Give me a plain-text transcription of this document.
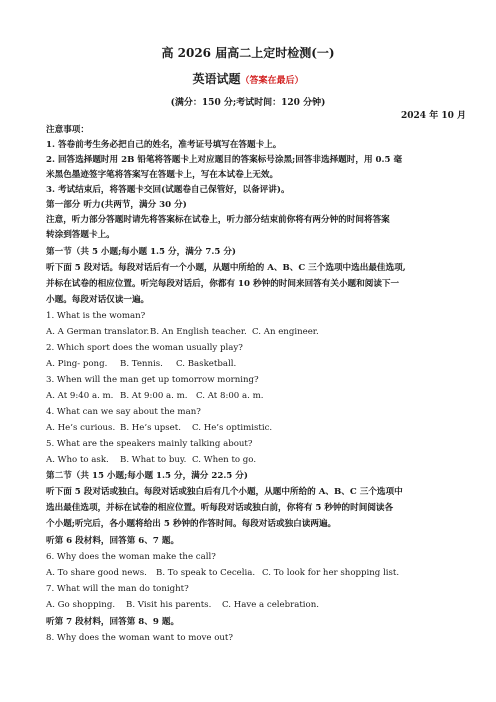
高 2026 届高二上定时检测(一)
英语试题（答案在最后）
(满分：150 分;考试时间：120 分钟)
2024 年 10 月
注意事项：
1. 答卷前考生务必把自己的姓名，准考证号填写在答题卡上。
2. 回答选择题时用 2B 铅笔将答题卡上对应题目的答案标号涂黑;回答非选择题时，用 0.5 毫
米黑色墨迹签字笔将答案写在答题卡上，写在本试卷上无效。
3. 考试结束后，将答题卡交回(试题卷自己保管好，以备评讲)。
第一部分 听力(共两节，满分 30 分)
注意，听力部分答题时请先将答案标在试卷上，听力部分结束前你将有两分钟的时间将答案
转涂到答题卡上。
第一节（共 5 小题;每小题 1.5 分，满分 7.5 分)
听下面 5 段对话。每段对话后有一个小题，从题中所给的 A、B、C 三个选项中选出最佳选项,
并标在试卷的相应位置。听完每段对话后，你都有 10 秒钟的时间来回答有关小题和阅读下一
小题。每段对话仅读一遍。
1. What is the woman?
A. A German translator.B. An English teacher. C. An engineer.
2. Which sport does the woman usually play?
A. Ping- pong. B. Tennis. C. Basketball.
3. When will the man get up tomorrow morning?
A. At 9:40 a. m. B. At 9:00 a. m. C. At 8:00 a. m.
4. What can we say about the man?
A. He’s curious. B. He’s upset. C. He’s optimistic.
5. What are the speakers mainly talking about?
A. Who to ask. B. What to buy. C. When to go.
第二节（共 15 小题;每小题 1.5 分，满分 22.5 分)
听下面 5 段对话或独白。每段对话或独白后有几个小题，从题中所给的 A、B、C 三个选项中
选出最佳选项，并标在试卷的相应位置。听每段对话或独白前，你将有 5 秒钟的时间阅读各
个小题;听完后，各小题将给出 5 秒钟的作答时间。每段对话或独白读两遍。
听第 6 段材料，回答第 6、7 题。
6. Why does the woman make the call?
A. To share good news. B. To speak to Cecelia. C. To look for her shopping list.
7. What will the man do tonight?
A. Go shopping. B. Visit his parents. C. Have a celebration.
听第 7 段材料，回答第 8、9 题。
8. Why does the woman want to move out?
